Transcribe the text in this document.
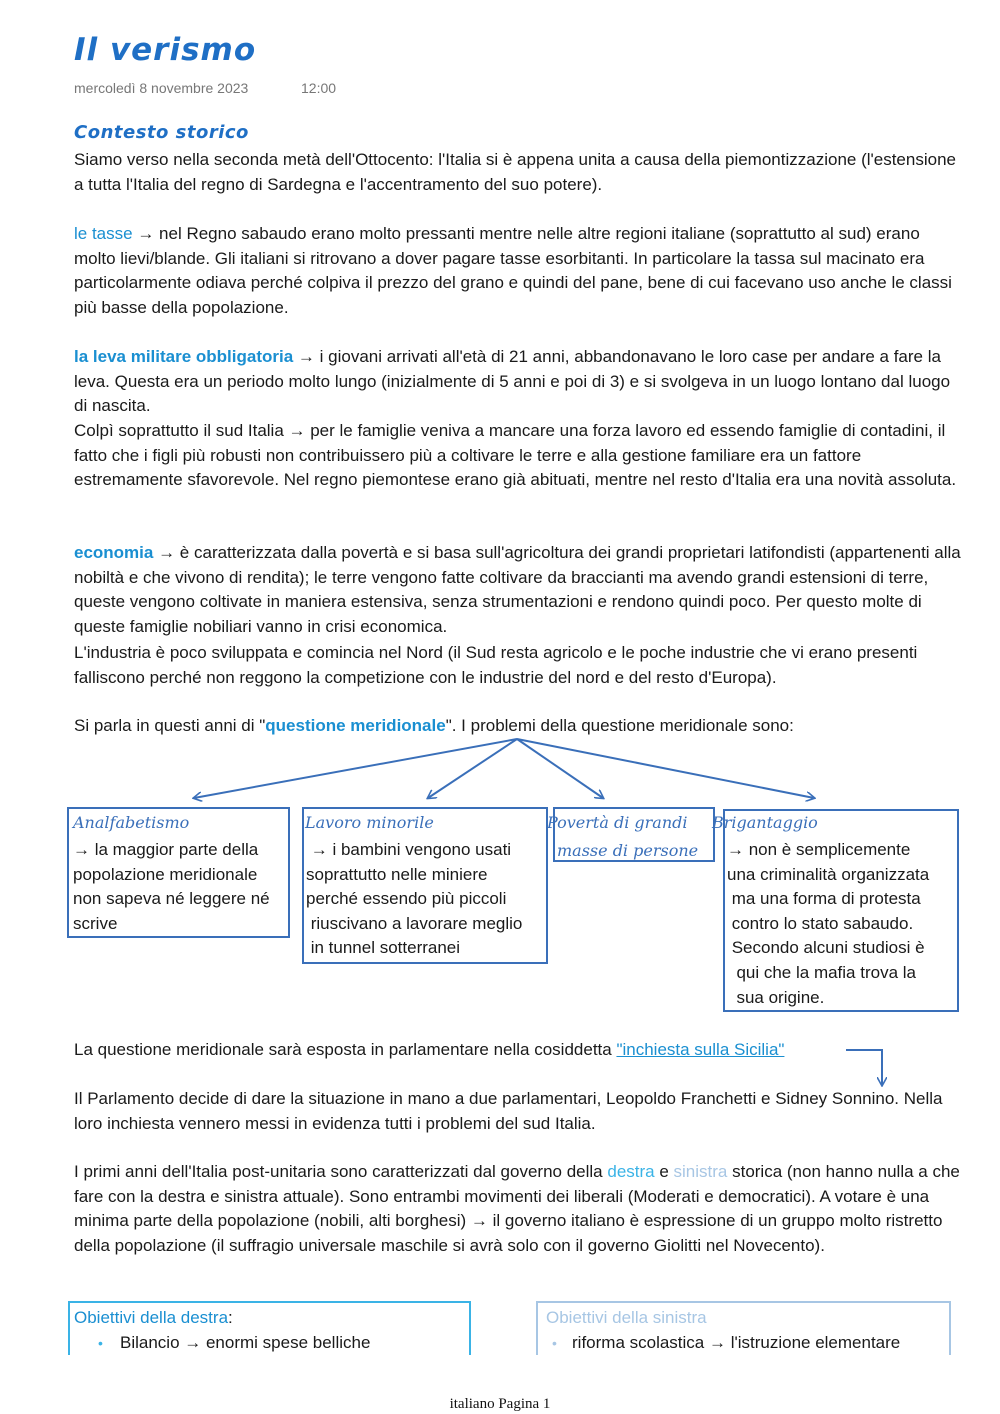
Il verismo
mercoledì 8 novembre 2023	12:00
Contesto storico

Siamo verso nella seconda metà dell'Ottocento: l'Italia si è appena unita a causa della piemontizzazione (l'estensione a tutta l'Italia del regno di Sardegna e l'accentramento del suo potere).

le tasse → nel Regno sabaudo erano molto pressanti mentre nelle altre regioni italiane (soprattutto al sud) erano molto lievi/blande. Gli italiani si ritrovano a dover pagare tasse esorbitanti. In particolare la tassa sul macinato era particolarmente odiava perché colpiva il prezzo del grano e quindi del pane, bene di cui facevano uso anche le classi più basse della popolazione.

la leva militare obbligatoria → i giovani arrivati all'età di 21 anni, abbandonavano le loro case per andare a fare la leva. Questa era un periodo molto lungo (inizialmente di 5 anni e poi di 3) e si svolgeva in un luogo lontano dal luogo di nascita.

Colpì soprattutto il sud Italia → per le famiglie veniva a mancare una forza lavoro ed essendo famiglie di contadini, il fatto che i figli più robusti non contribuissero più a coltivare le terre e alla gestione familiare era un fattore estremamente sfavorevole. Nel regno piemontese erano già abituati, mentre nel resto d'Italia era una novità assoluta.

economia → è caratterizzata dalla povertà e si basa sull'agricoltura dei grandi proprietari latifondisti (appartenenti alla nobiltà e che vivono di rendita); le terre vengono fatte coltivare da braccianti ma avendo grandi estensioni di terre, queste vengono coltivate in maniera estensiva, senza strumentazioni e rendono quindi poco. Per questo molte di queste famiglie nobiliari vanno in crisi economica.

L'industria è poco sviluppata e comincia nel Nord (il Sud resta agricolo e le poche industrie che vi erano presenti falliscono perché non reggono la competizione con le industrie del nord e del resto d'Europa).

Si parla in questi anni di "questione meridionale". I problemi della questione meridionale sono:

Analfabetismo
→ la maggior parte della
popolazione meridionale
non sapeva né leggere né
scrive
Lavoro minorile
→ i bambini vengono usati
soprattutto nelle miniere
perché essendo più piccoli
riuscivano a lavorare meglio
in tunnel sotterranei
Povertà di grandi
masse di persone
Brigantaggio
→ non è semplicemente
una criminalità organizzata
ma una forma di protesta
contro lo stato sabaudo.
Secondo alcuni studiosi è
qui che la mafia trova la
sua origine.

La questione meridionale sarà esposta in parlamentare nella cosiddetta "inchiesta sulla Sicilia"

Il Parlamento decide di dare la situazione in mano a due parlamentari, Leopoldo Franchetti e Sidney Sonnino. Nella loro inchiesta vennero messi in evidenza tutti i problemi del sud Italia.

I primi anni dell'Italia post-unitaria sono caratterizzati dal governo della destra e sinistra storica (non hanno nulla a che fare con la destra e sinistra attuale). Sono entrambi movimenti dei liberali (Moderati e democratici). A votare è una minima parte della popolazione (nobili, alti borghesi) → il governo italiano è espressione di un gruppo molto ristretto della popolazione (il suffragio universale maschile si avrà solo con il governo Giolitti nel Novecento).

Obiettivi della destra:
• Bilancio → enormi spese belliche
Obiettivi della sinistra
• riforma scolastica → l'istruzione elementare
italiano Pagina 1
